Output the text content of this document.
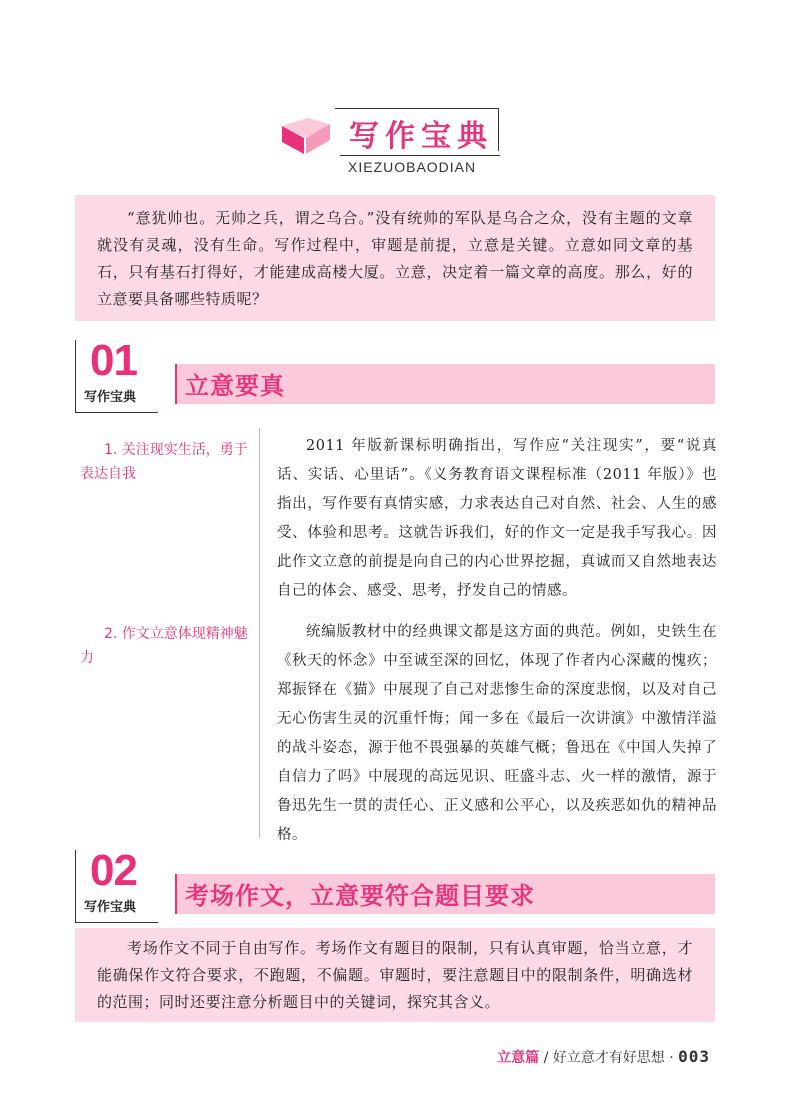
写作宝典
XIEZUOBAODIAN

“意犹帅也。无帅之兵，谓之乌合。”没有统帅的军队是乌合之众，没有主题的文章就没有灵魂，没有生命。写作过程中，审题是前提，立意是关键。立意如同文章的基石，只有基石打得好，才能建成高楼大厦。立意，决定着一篇文章的高度。那么，好的立意要具备哪些特质呢？

01
写作宝典 立意要真
1. 关注现实生活，勇于表达自我

2011 年版新课标明确指出，写作应“关注现实”，要“说真话、实话、心里话”。《义务教育语文课程标准（2011 年版）》也指出，写作要有真情实感，力求表达自己对自然、社会、人生的感受、体验和思考。这就告诉我们，好的作文一定是我手写我心。因此作文立意的前提是向自己的内心世界挖掘，真诚而又自然地表达自己的体会、感受、思考，抒发自己的情感。

2. 作文立意体现精神魅力

统编版教材中的经典课文都是这方面的典范。例如，史铁生在《秋天的怀念》中至诚至深的回忆，体现了作者内心深藏的愧疚；郑振铎在《猫》中展现了自己对悲惨生命的深度悲悯，以及对自己无心伤害生灵的沉重忏悔；闻一多在《最后一次讲演》中激情洋溢的战斗姿态，源于他不畏强暴的英雄气概；鲁迅在《中国人失掉了自信力了吗》中展现的高远见识、旺盛斗志、火一样的激情，源于鲁迅先生一贯的责任心、正义感和公平心，以及疾恶如仇的精神品格。

02
写作宝典 考场作文，立意要符合题目要求

考场作文不同于自由写作。考场作文有题目的限制，只有认真审题，恰当立意，才能确保作文符合要求，不跑题，不偏题。审题时，要注意题目中的限制条件，明确选材的范围；同时还要注意分析题目中的关键词，探究其含义。

立意篇 / 好立意才有好思想 · 003
